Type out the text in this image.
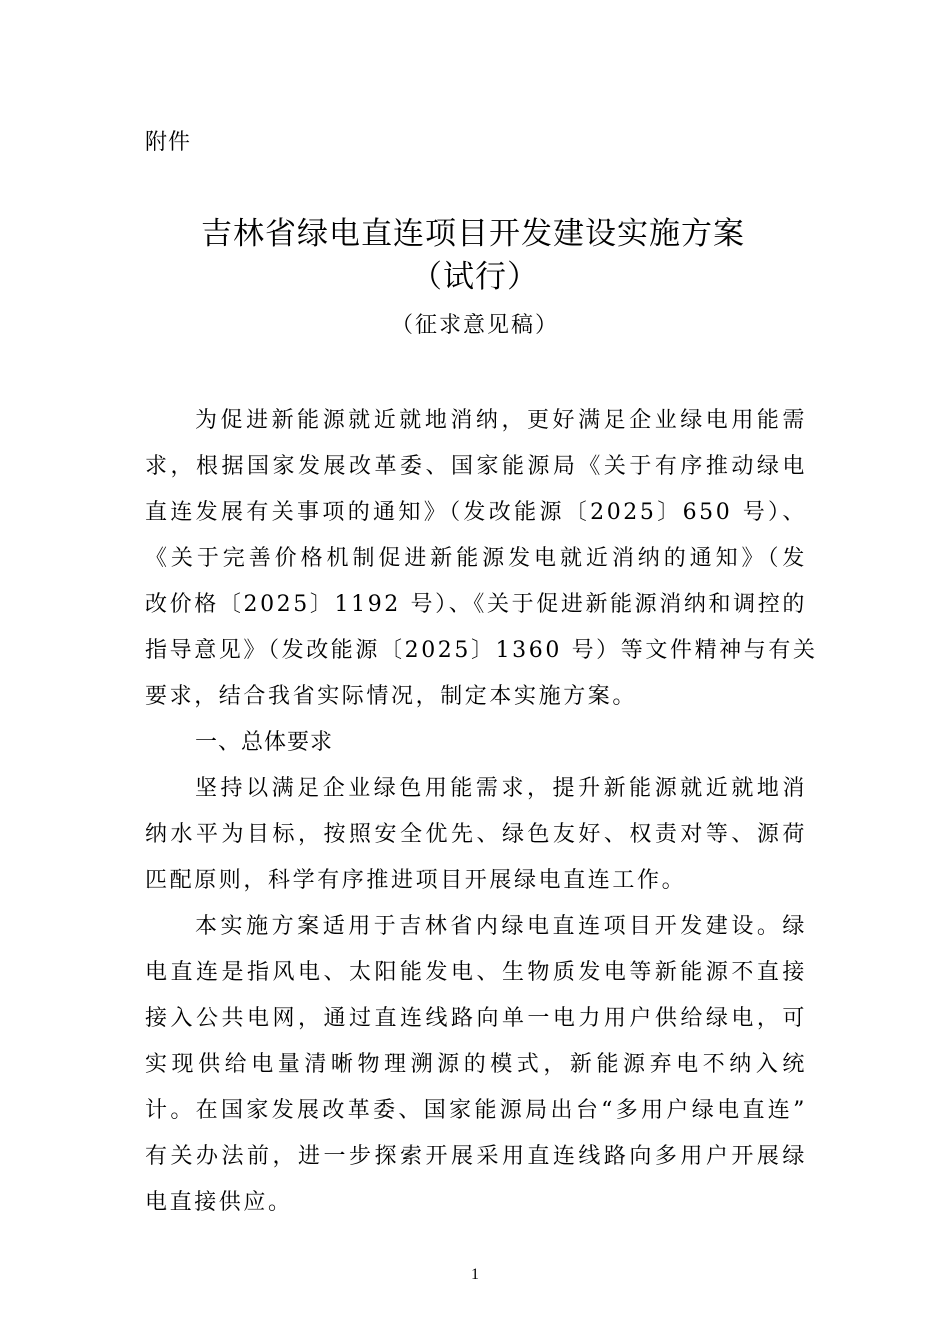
附件
吉林省绿电直连项目开发建设实施方案
（试行）
（征求意见稿）
为促进新能源就近就地消纳，更好满足企业绿电用能需
求，根据国家发展改革委、国家能源局《关于有序推动绿电
直连发展有关事项的通知》（发改能源〔2025〕650 号）、
《关于完善价格机制促进新能源发电就近消纳的通知》（发
改价格〔2025〕1192 号）、《关于促进新能源消纳和调控的
指导意见》（发改能源〔2025〕1360 号）等文件精神与有关
要求，结合我省实际情况，制定本实施方案。
一、总体要求
坚持以满足企业绿色用能需求，提升新能源就近就地消
纳水平为目标，按照安全优先、绿色友好、权责对等、源荷
匹配原则，科学有序推进项目开展绿电直连工作。
本实施方案适用于吉林省内绿电直连项目开发建设。绿
电直连是指风电、太阳能发电、生物质发电等新能源不直接
接入公共电网，通过直连线路向单一电力用户供给绿电，可
实现供给电量清晰物理溯源的模式，新能源弃电不纳入统
计。在国家发展改革委、国家能源局出台“多用户绿电直连”
有关办法前，进一步探索开展采用直连线路向多用户开展绿
电直接供应。
1
